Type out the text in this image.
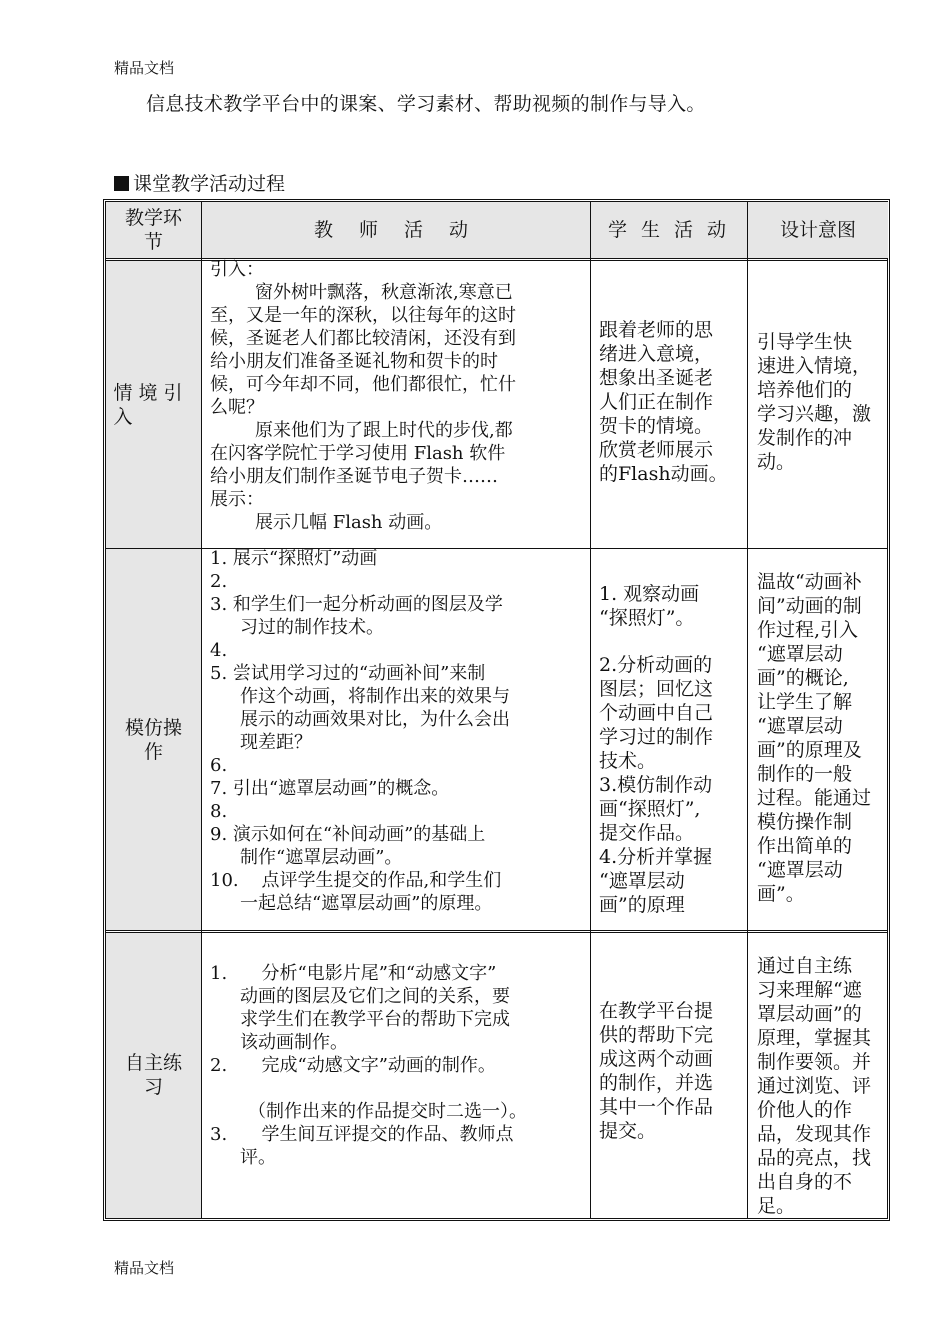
精品文档
信息技术教学平台中的课案、学习素材、帮助视频的制作与导入。
课堂教学活动过程
教学环节
教 师 活 动	学 生 活 动	设计意图
情境引入
模仿操作
自主练习
引入：
窗外树叶飘落，秋意渐浓,寒意已
至，又是一年的深秋，以往每年的这时
候，圣诞老人们都比较清闲，还没有到
给小朋友们准备圣诞礼物和贺卡的时
候，可今年却不同，他们都很忙，忙什
么呢？
原来他们为了跟上时代的步伐,都
在闪客学院忙于学习使用 Flash 软件
给小朋友们制作圣诞节电子贺卡……
展示：
展示几幅 Flash 动画。
跟着老师的思
绪进入意境，
想象出圣诞老
人们正在制作
贺卡的情境。
欣赏老师展示
的Flash动画。
引导学生快
速进入情境，
培养他们的
学习兴趣，激
发制作的冲
动。
1. 展示“探照灯”动画
2.
3. 和学生们一起分析动画的图层及学
习过的制作技术。
4.
5. 尝试用学习过的“动画补间”来制
作这个动画，将制作出来的效果与
展示的动画效果对比，为什么会出
现差距？
6.
7. 引出“遮罩层动画”的概念。
8.
9. 演示如何在“补间动画”的基础上
制作“遮罩层动画”。
10.    点评学生提交的作品,和学生们
一起总结“遮罩层动画”的原理。
1. 观察动画
“探照灯”。
2.分析动画的
图层；回忆这
个动画中自己
学习过的制作
技术。
3.模仿制作动
画“探照灯”,
提交作品。
4.分析并掌握
“遮罩层动
画”的原理
温故“动画补
间”动画的制
作过程,引入
“遮罩层动
画”的概论,
让学生了解
“遮罩层动
画”的原理及
制作的一般
过程。能通过
模仿操作制
作出简单的
“遮罩层动
画”。
1.      分析“电影片尾”和“动感文字”
动画的图层及它们之间的关系，要
求学生们在教学平台的帮助下完成
该动画制作。
2.      完成“动感文字”动画的制作。
（制作出来的作品提交时二选一）。
3.      学生间互评提交的作品、教师点
评。
在教学平台提
供的帮助下完
成这两个动画
的制作，并选
其中一个作品
提交。
通过自主练
习来理解“遮
罩层动画”的
原理，掌握其
制作要领。并
通过浏览、评
价他人的作
品，发现其作
品的亮点，找
出自身的不
足。
精品文档
